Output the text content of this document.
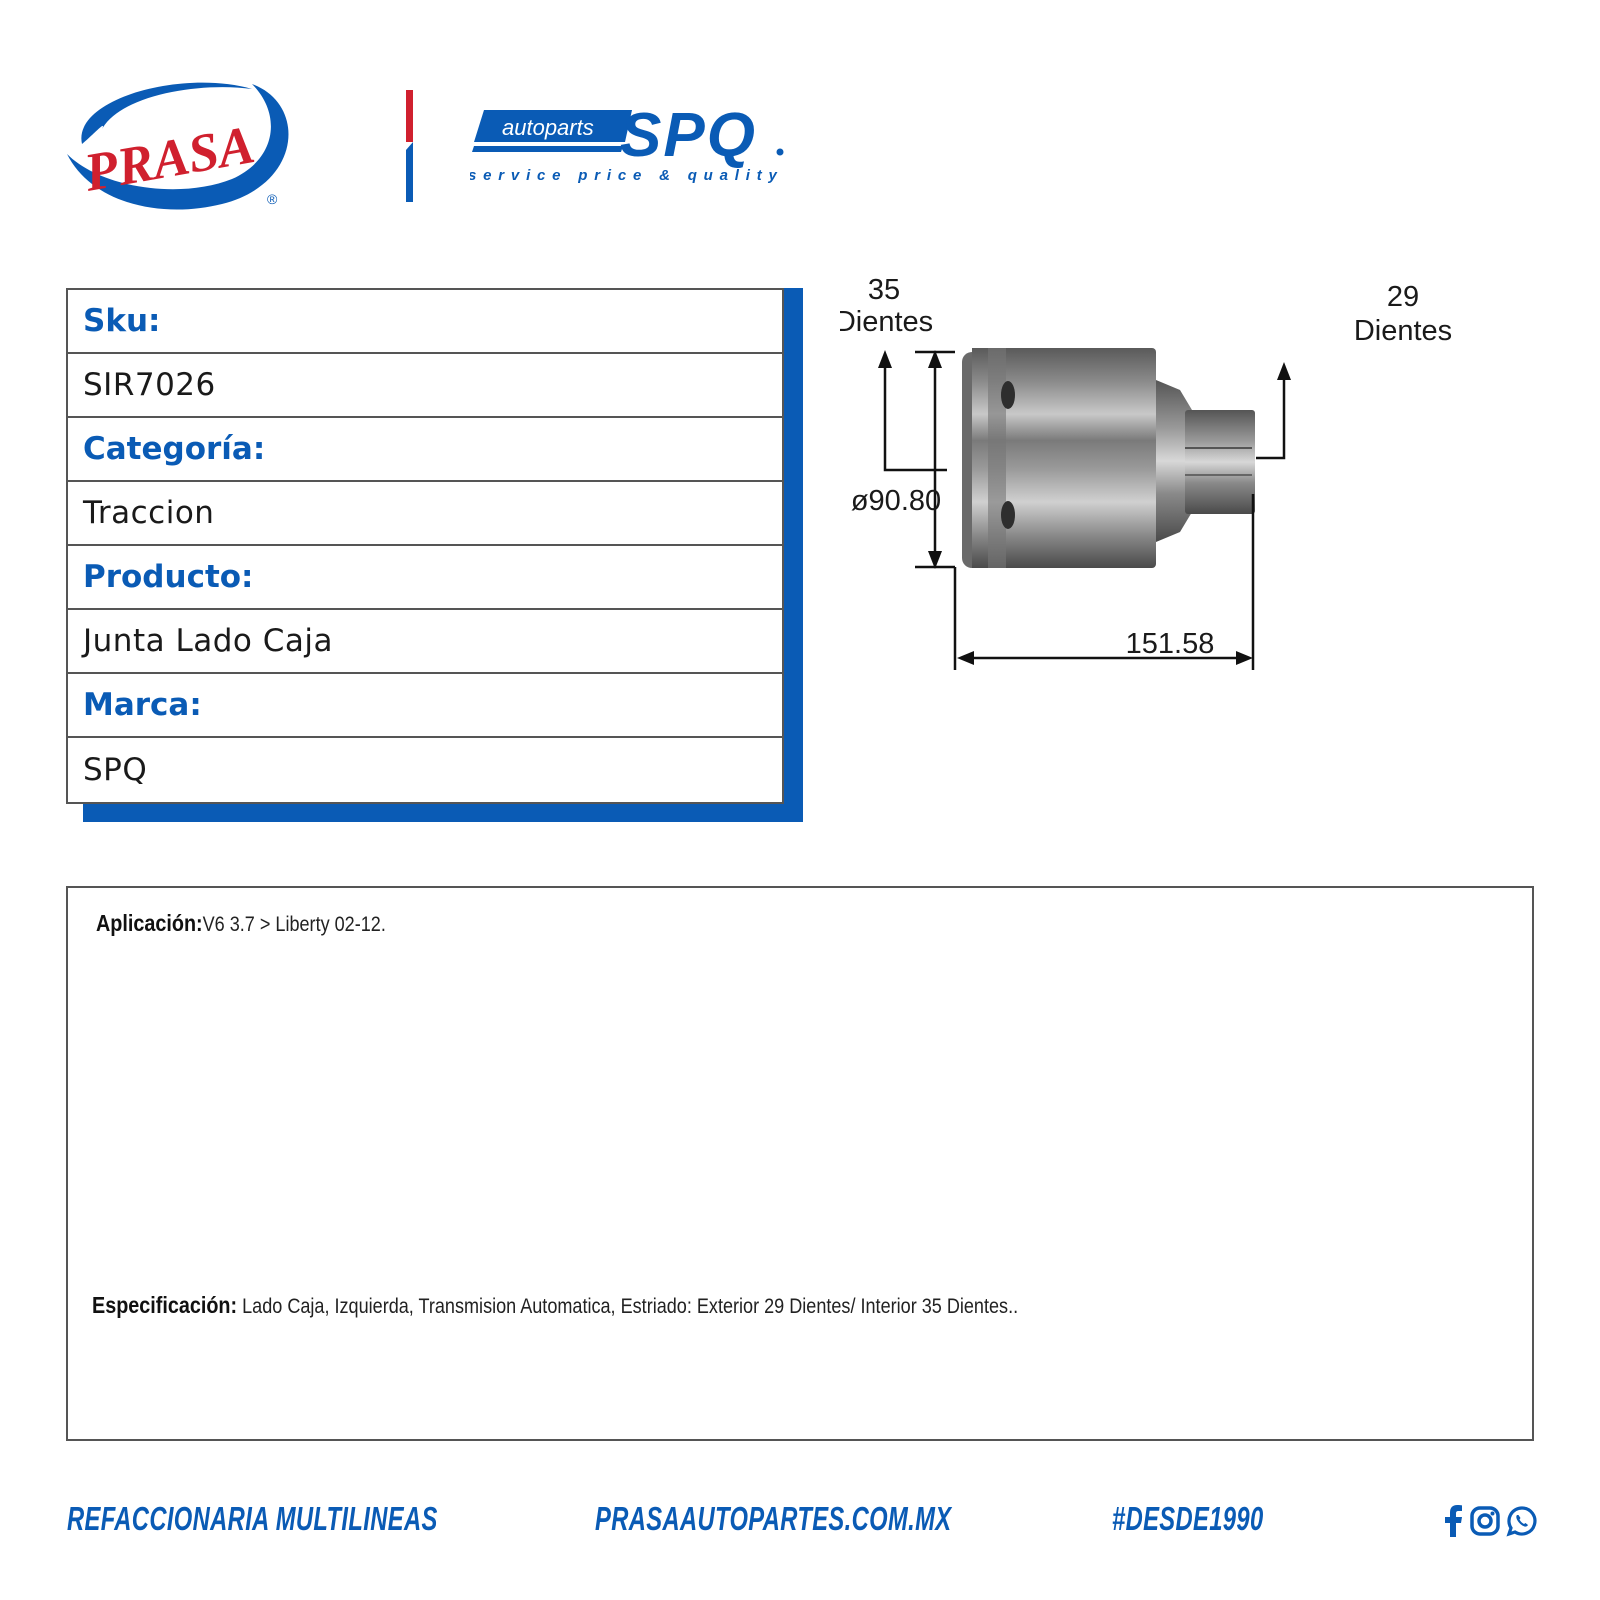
PRASA ®
autoparts SPQ
service price & quality
Sku:
SIR7026
Categoría:
Traccion
Producto:
Junta Lado Caja
Marca:
SPQ
35
Dientes
29
Dientes
ø90.80
151.58
Aplicación:V6 3.7 > Liberty 02-12.
Especificación: Lado Caja, Izquierda, Transmision Automatica, Estriado: Exterior 29 Dientes/ Interior 35 Dientes..
REFACCIONARIA MULTILINEAS	PRASAAUTOPARTES.COM.MX	#DESDE1990
